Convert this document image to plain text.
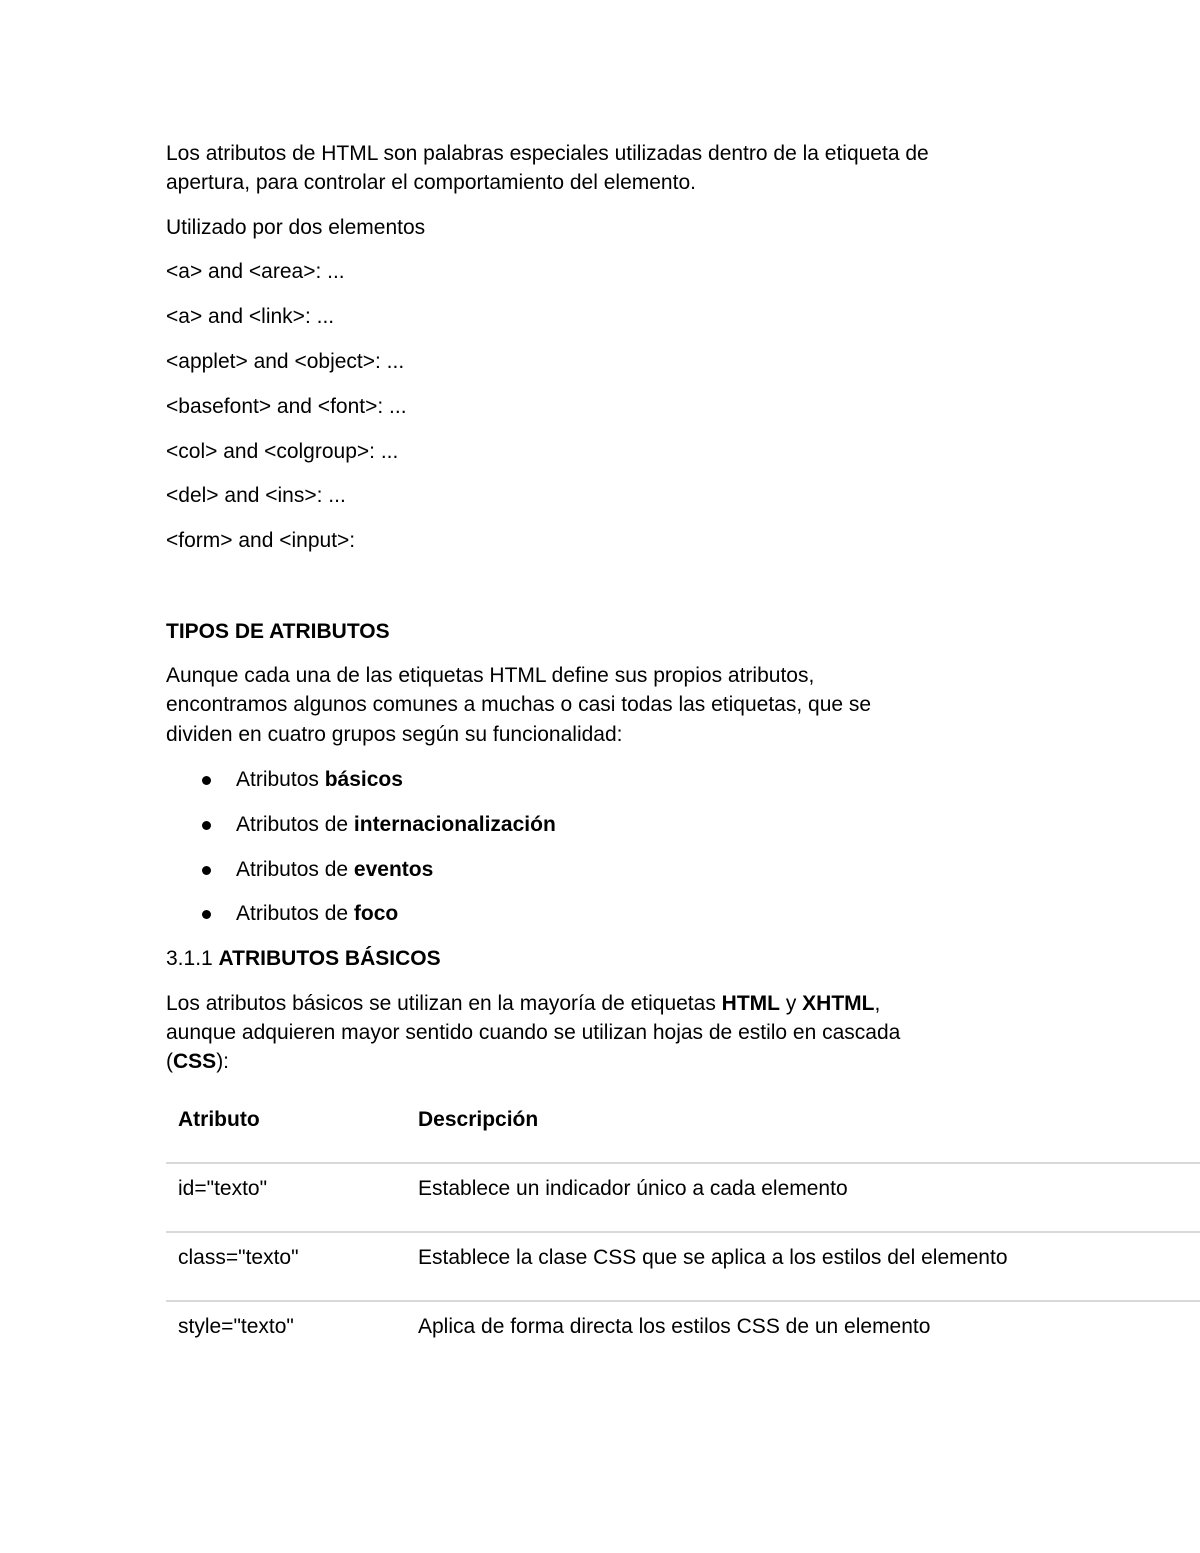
Los atributos de HTML son palabras especiales utilizadas dentro de la etiqueta de

apertura, para controlar el comportamiento del elemento.

Utilizado por dos elementos

<a> and <area>: ...

<a> and <link>: ...

<applet> and <object>: ...

<basefont> and <font>: ...

<col> and <colgroup>: ...

<del> and <ins>: ...

<form> and <input>:

TIPOS DE ATRIBUTOS

Aunque cada una de las etiquetas HTML define sus propios atributos,

encontramos algunos comunes a muchas o casi todas las etiquetas, que se

dividen en cuatro grupos según su funcionalidad:

Atributos básicos
Atributos de internacionalización
Atributos de eventos
Atributos de foco

3.1.1 ATRIBUTOS BÁSICOS

Los atributos básicos se utilizan en la mayoría de etiquetas HTML y XHTML,

aunque adquieren mayor sentido cuando se utilizan hojas de estilo en cascada

(CSS):

Atributo	Descripción
id="texto"	Establece un indicador único a cada elemento
class="texto"	Establece la clase CSS que se aplica a los estilos del elemento
style="texto"	Aplica de forma directa los estilos CSS de un elemento
